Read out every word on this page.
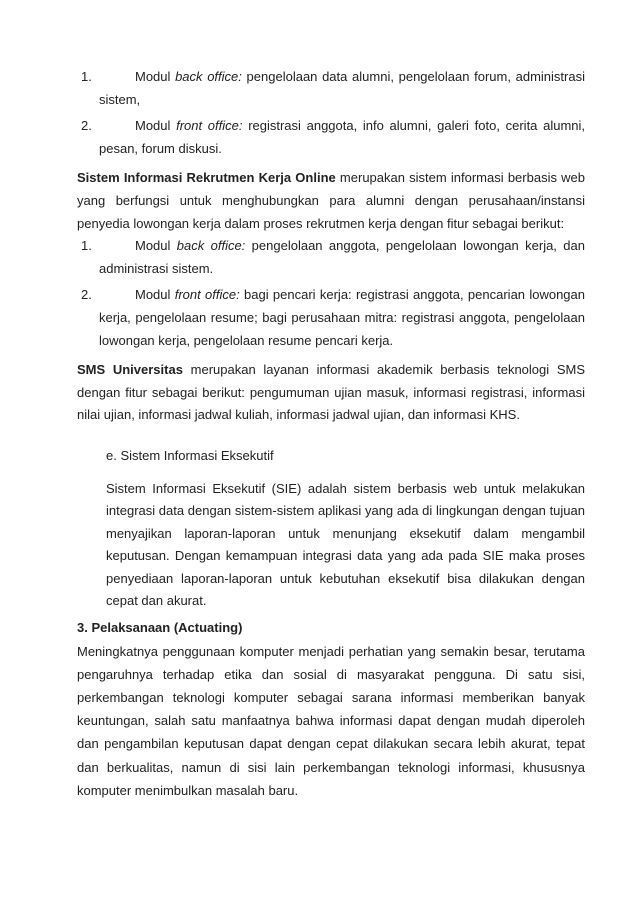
1.	Modul back office: pengelolaan data alumni, pengelolaan forum, administrasi sistem,

2.	Modul front office: registrasi anggota, info alumni, galeri foto, cerita alumni, pesan, forum diskusi.

Sistem Informasi Rekrutmen Kerja Online merupakan sistem informasi berbasis web yang berfungsi untuk menghubungkan para alumni dengan perusahaan/instansi penyedia lowongan kerja dalam proses rekrutmen kerja dengan fitur sebagai berikut:

1.	Modul back office: pengelolaan anggota, pengelolaan lowongan kerja, dan administrasi sistem.

2.	Modul front office: bagi pencari kerja: registrasi anggota, pencarian lowongan kerja, pengelolaan resume; bagi perusahaan mitra: registrasi anggota, pengelolaan lowongan kerja, pengelolaan resume pencari kerja.

SMS Universitas merupakan layanan informasi akademik berbasis teknologi SMS dengan fitur sebagai berikut: pengumuman ujian masuk, informasi registrasi, informasi nilai ujian, informasi jadwal kuliah, informasi jadwal ujian, dan informasi KHS.

e. Sistem Informasi Eksekutif

Sistem Informasi Eksekutif (SIE) adalah sistem berbasis web untuk melakukan integrasi data dengan sistem-sistem aplikasi yang ada di lingkungan dengan tujuan menyajikan laporan-laporan untuk menunjang eksekutif dalam mengambil keputusan. Dengan kemampuan integrasi data yang ada pada SIE maka proses penyediaan laporan-laporan untuk kebutuhan eksekutif bisa dilakukan dengan cepat dan akurat.

3. Pelaksanaan (Actuating)

Meningkatnya penggunaan komputer menjadi perhatian yang semakin besar, terutama pengaruhnya terhadap etika dan sosial di masyarakat pengguna. Di satu sisi, perkembangan teknologi komputer sebagai sarana informasi memberikan banyak keuntungan, salah satu manfaatnya bahwa informasi dapat dengan mudah diperoleh dan pengambilan keputusan dapat dengan cepat dilakukan secara lebih akurat, tepat dan berkualitas, namun di sisi lain perkembangan teknologi informasi, khususnya komputer menimbulkan masalah baru.
